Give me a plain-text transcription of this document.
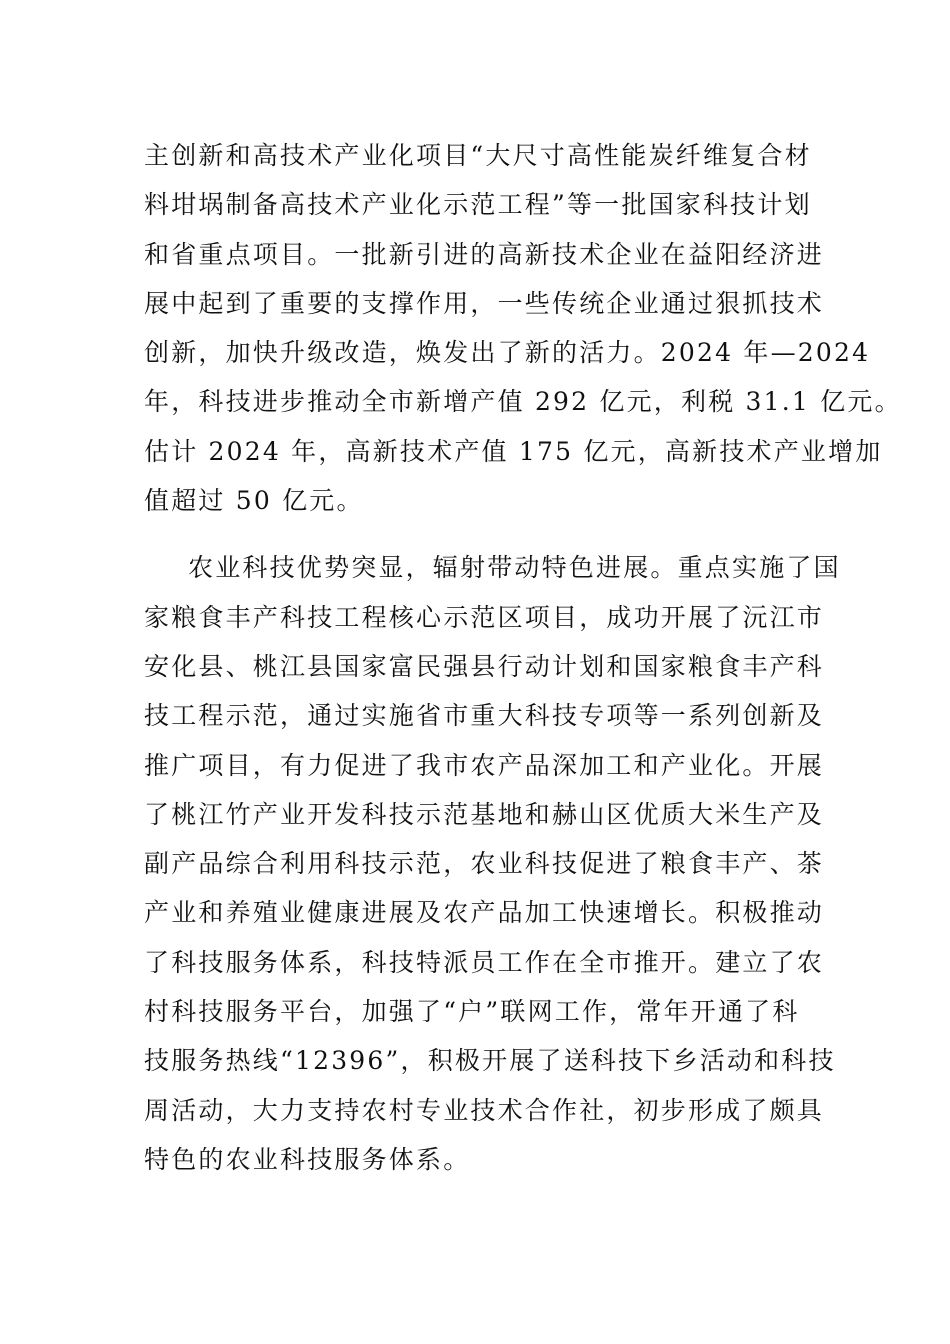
主创新和高技术产业化项目“大尺寸高性能炭纤维复合材
料坩埚制备高技术产业化示范工程”等一批国家科技计划
和省重点项目。一批新引进的高新技术企业在益阳经济进
展中起到了重要的支撑作用，一些传统企业通过狠抓技术
创新，加快升级改造，焕发出了新的活力。2024 年—2024
年，科技进步推动全市新增产值 292 亿元，利税 31.1 亿元。
估计 2024 年，高新技术产值 175 亿元，高新技术产业增加
值超过 50 亿元。
农业科技优势突显，辐射带动特色进展。重点实施了国
家粮食丰产科技工程核心示范区项目，成功开展了沅江市
安化县、桃江县国家富民强县行动计划和国家粮食丰产科
技工程示范，通过实施省市重大科技专项等一系列创新及
推广项目，有力促进了我市农产品深加工和产业化。开展
了桃江竹产业开发科技示范基地和赫山区优质大米生产及
副产品综合利用科技示范，农业科技促进了粮食丰产、茶
产业和养殖业健康进展及农产品加工快速增长。积极推动
了科技服务体系，科技特派员工作在全市推开。建立了农
村科技服务平台，加强了“户”联网工作，常年开通了科
技服务热线“12396”，积极开展了送科技下乡活动和科技
周活动，大力支持农村专业技术合作社，初步形成了颇具
特色的农业科技服务体系。
